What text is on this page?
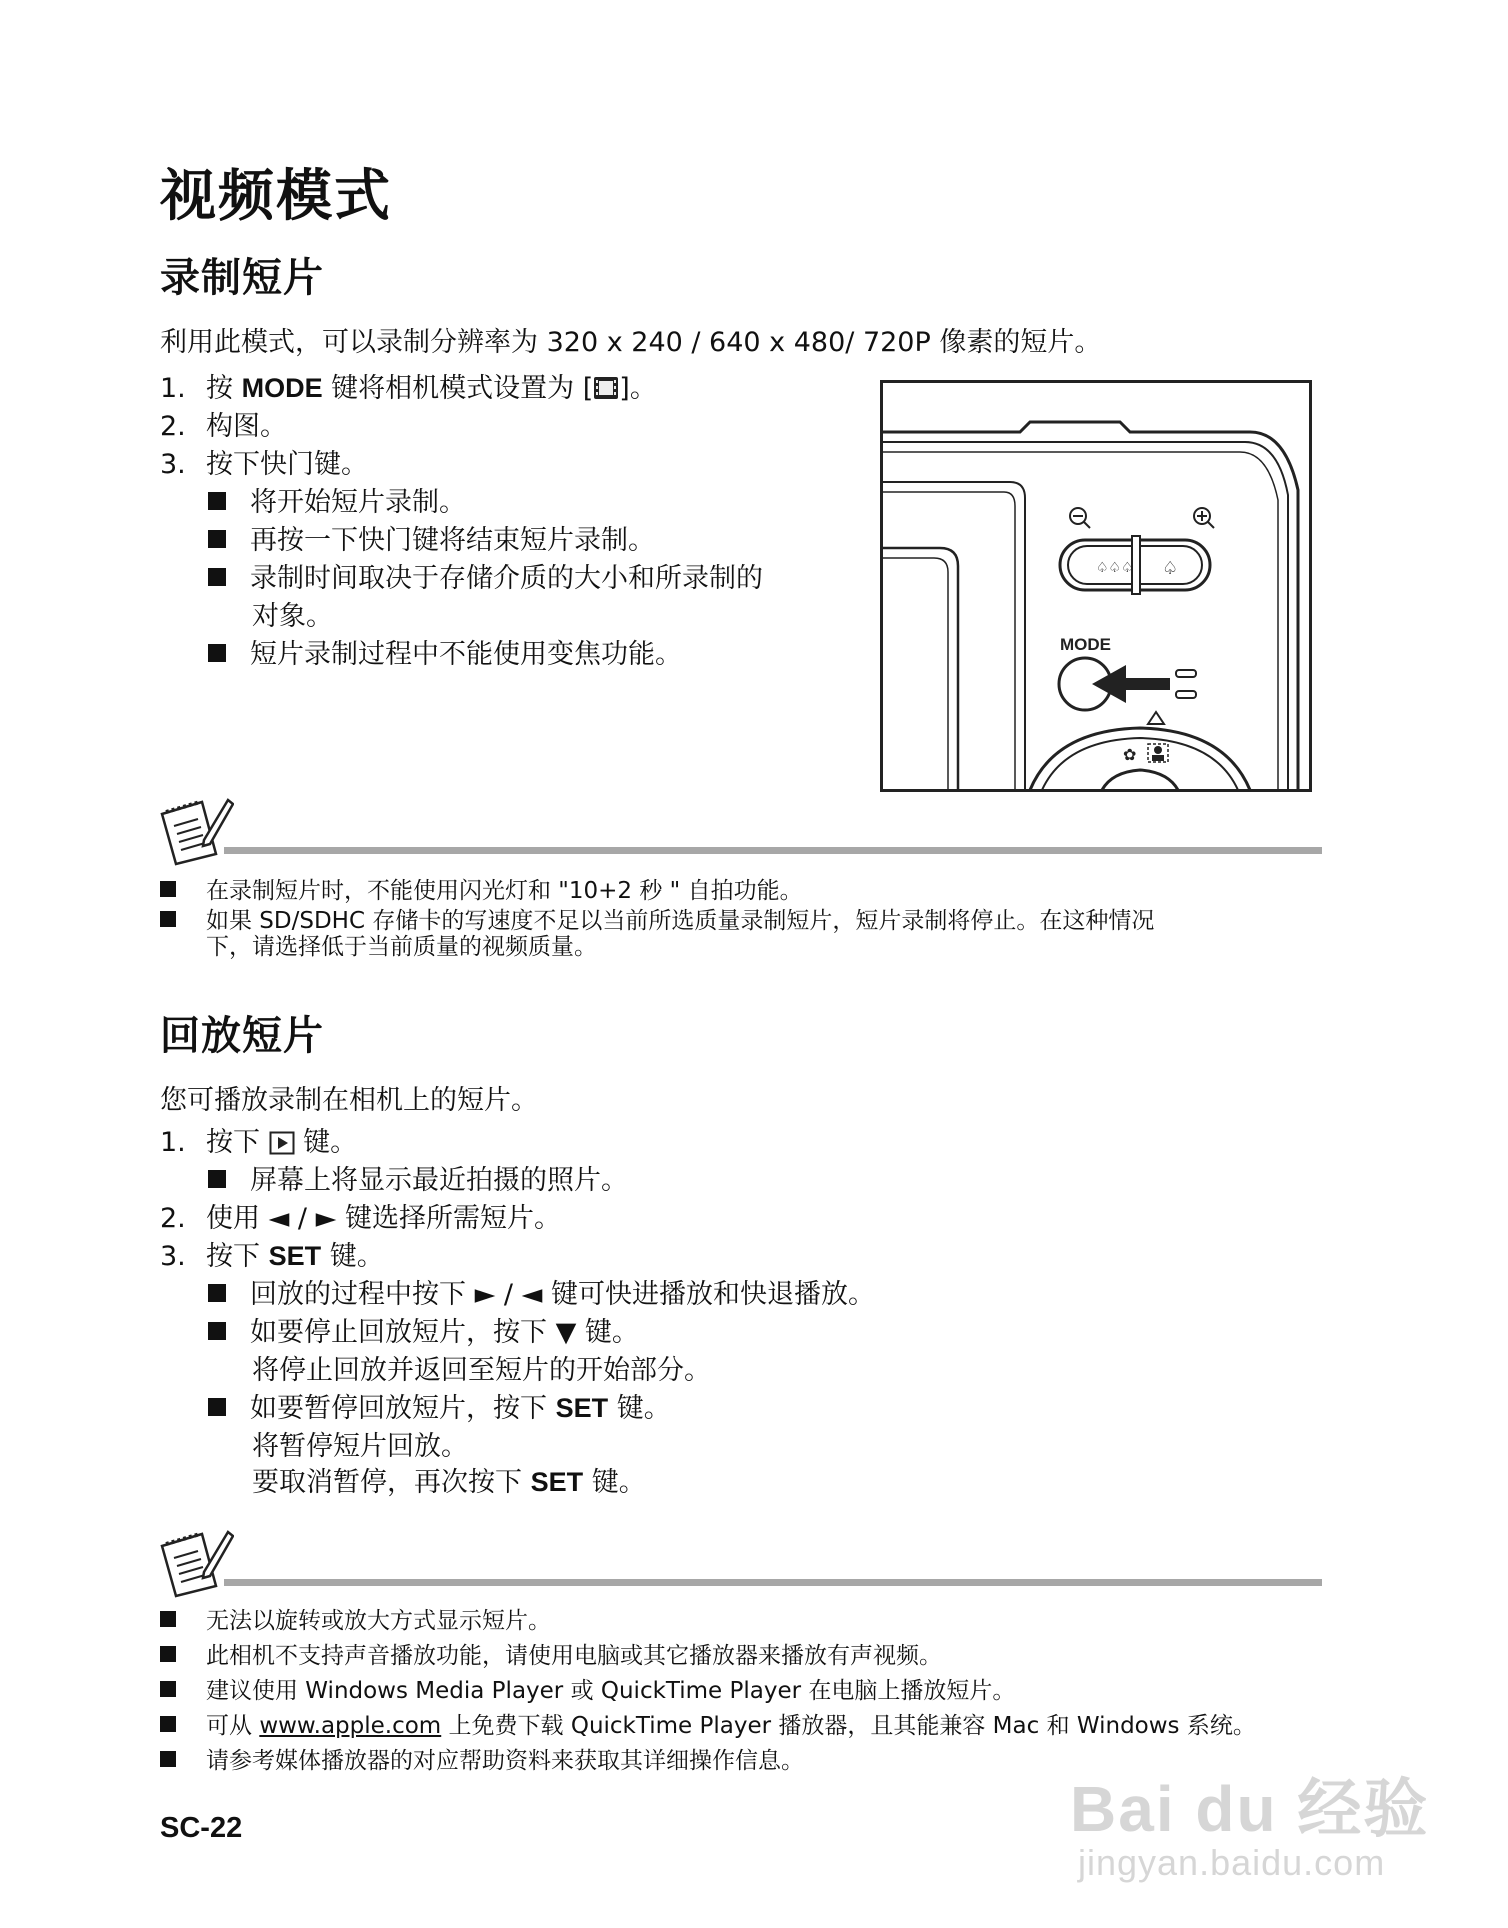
视频模式
录制短片
利用此模式，可以录制分辨率为 320 x 240 / 640 x 480/ 720P 像素的短片。
1. 按 MODE 键将相机模式设置为 [ ]。
2. 构图。
3. 按下快门键。
将开始短片录制。
再按一下快门键将结束短片录制。
录制时间取决于存储介质的大小和所录制的
对象。
短片录制过程中不能使用变焦功能。
♤♤♤ ♤
MODE
✿
在录制短片时，不能使用闪光灯和 "10+2 秒 " 自拍功能。
如果 SD/SDHC 存储卡的写速度不足以当前所选质量录制短片，短片录制将停止。在这种情况
下，请选择低于当前质量的视频质量。
回放短片
您可播放录制在相机上的短片。
1. 按下  键。
屏幕上将显示最近拍摄的照片。
2. 使用 ◄ / ► 键选择所需短片。
3. 按下 SET 键。
回放的过程中按下 ► / ◄ 键可快进播放和快退播放。
如要停止回放短片，按下 ▼ 键。
将停止回放并返回至短片的开始部分。
如要暂停回放短片，按下 SET 键。
将暂停短片回放。
要取消暂停，再次按下 SET 键。
无法以旋转或放大方式显示短片。
此相机不支持声音播放功能，请使用电脑或其它播放器来播放有声视频。
建议使用 Windows Media Player 或 QuickTime Player 在电脑上播放短片。
可从 www.apple.com 上免费下载 QuickTime Player 播放器，且其能兼容 Mac 和 Windows 系统。
请参考媒体播放器的对应帮助资料来获取其详细操作信息。
SC-22	Bai du 经验
jingyan.baidu.com
